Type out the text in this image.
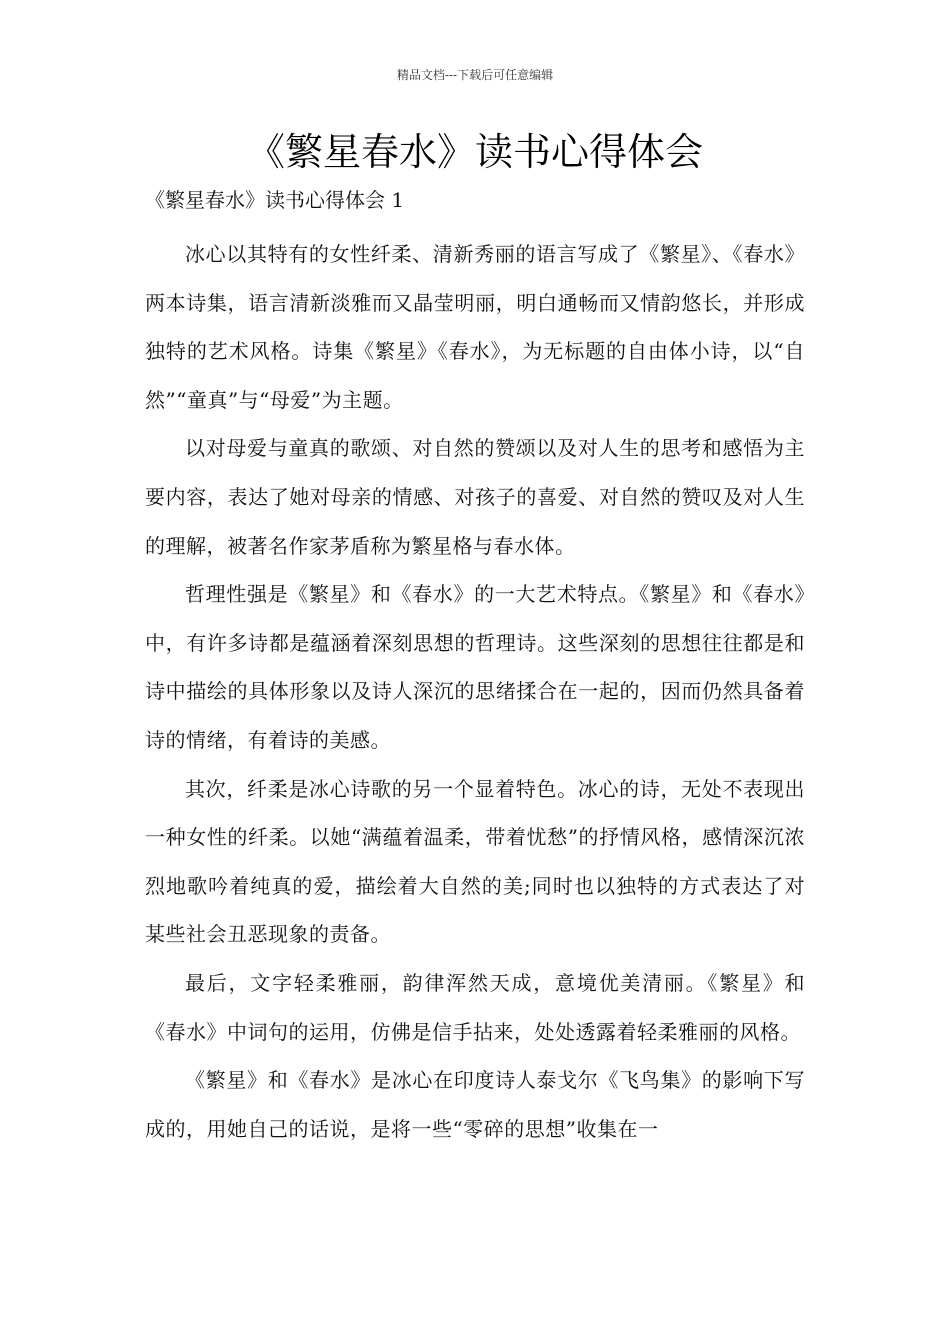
精品文档---下载后可任意编辑
《繁星春水》读书心得体会
《繁星春水》读书心得体会 1

冰心以其特有的女性纤柔、清新秀丽的语言写成了《繁星》、《春水》两本诗集，语言清新淡雅而又晶莹明丽，明白通畅而又情韵悠长，并形成独特的艺术风格。诗集《繁星》《春水》，为无标题的自由体小诗，以“自然”“童真”与“母爱”为主题。

以对母爱与童真的歌颂、对自然的赞颂以及对人生的思考和感悟为主要内容，表达了她对母亲的情感、对孩子的喜爱、对自然的赞叹及对人生的理解，被著名作家茅盾称为繁星格与春水体。

哲理性强是《繁星》和《春水》的一大艺术特点。《繁星》和《春水》中，有许多诗都是蕴涵着深刻思想的哲理诗。这些深刻的思想往往都是和诗中描绘的具体形象以及诗人深沉的思绪揉合在一起的，因而仍然具备着诗的情绪，有着诗的美感。

其次，纤柔是冰心诗歌的另一个显着特色。冰心的诗，无处不表现出一种女性的纤柔。以她“满蕴着温柔，带着忧愁”的抒情风格，感情深沉浓烈地歌吟着纯真的爱，描绘着大自然的美;同时也以独特的方式表达了对某些社会丑恶现象的责备。

最后，文字轻柔雅丽，韵律浑然天成，意境优美清丽。《繁星》和《春水》中词句的运用，仿佛是信手拈来，处处透露着轻柔雅丽的风格。

《繁星》和《春水》是冰心在印度诗人泰戈尔《飞鸟集》的影响下写成的，用她自己的话说，是将一些“零碎的思想”收集在一
